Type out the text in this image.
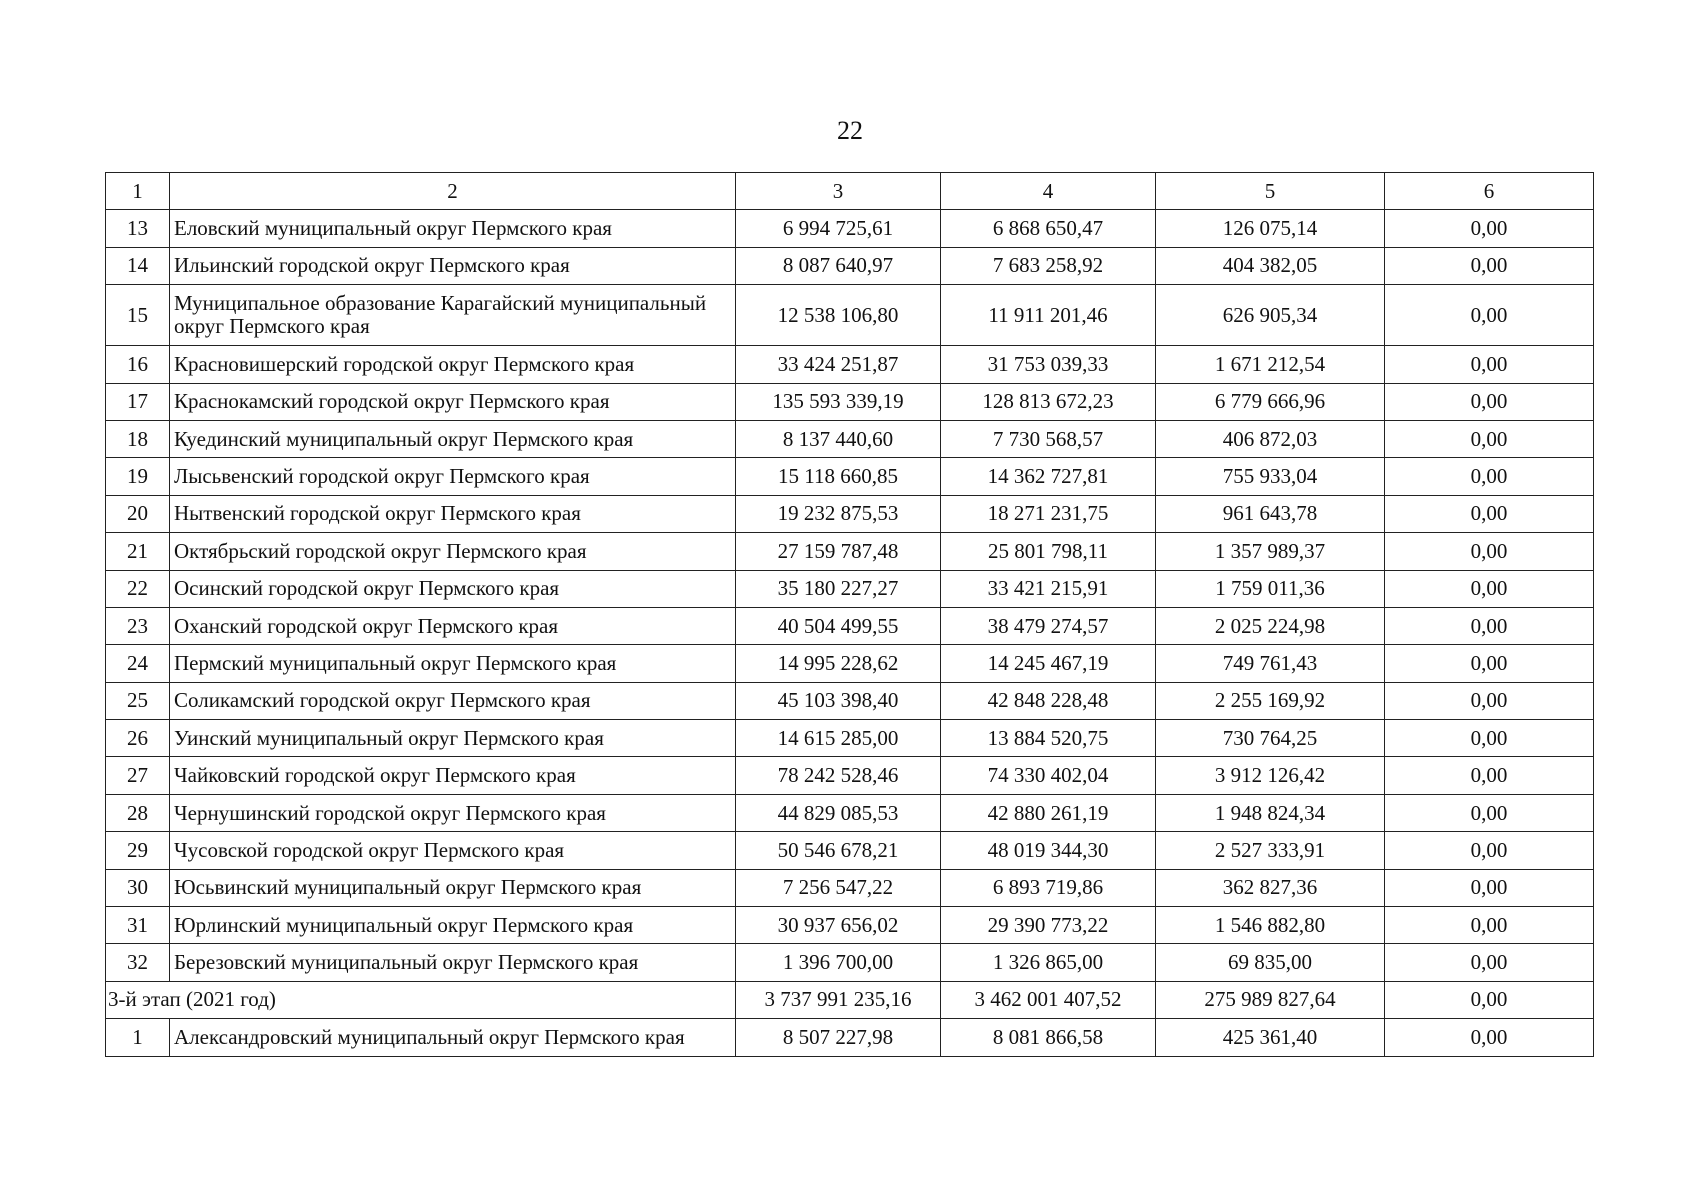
22
1	2	3	4	5	6
13	Еловский муниципальный округ Пермского края	6 994 725,61	6 868 650,47	126 075,14	0,00
14	Ильинский городской округ Пермского края	8 087 640,97	7 683 258,92	404 382,05	0,00
15	Муниципальное образование Карагайский муниципальный округ Пермского края	12 538 106,80	11 911 201,46	626 905,34	0,00
16	Красновишерский городской округ Пермского края	33 424 251,87	31 753 039,33	1 671 212,54	0,00
17	Краснокамский городской округ Пермского края	135 593 339,19	128 813 672,23	6 779 666,96	0,00
18	Куединский муниципальный округ Пермского края	8 137 440,60	7 730 568,57	406 872,03	0,00
19	Лысьвенский городской округ Пермского края	15 118 660,85	14 362 727,81	755 933,04	0,00
20	Нытвенский городской округ Пермского края	19 232 875,53	18 271 231,75	961 643,78	0,00
21	Октябрьский городской округ Пермского края	27 159 787,48	25 801 798,11	1 357 989,37	0,00
22	Осинский городской округ Пермского края	35 180 227,27	33 421 215,91	1 759 011,36	0,00
23	Оханский городской округ Пермского края	40 504 499,55	38 479 274,57	2 025 224,98	0,00
24	Пермский муниципальный округ Пермского края	14 995 228,62	14 245 467,19	749 761,43	0,00
25	Соликамский городской округ Пермского края	45 103 398,40	42 848 228,48	2 255 169,92	0,00
26	Уинский муниципальный округ Пермского края	14 615 285,00	13 884 520,75	730 764,25	0,00
27	Чайковский городской округ Пермского края	78 242 528,46	74 330 402,04	3 912 126,42	0,00
28	Чернушинский городской округ Пермского края	44 829 085,53	42 880 261,19	1 948 824,34	0,00
29	Чусовской городской округ Пермского края	50 546 678,21	48 019 344,30	2 527 333,91	0,00
30	Юсьвинский муниципальный округ Пермского края	7 256 547,22	6 893 719,86	362 827,36	0,00
31	Юрлинский муниципальный округ Пермского края	30 937 656,02	29 390 773,22	1 546 882,80	0,00
32	Березовский муниципальный округ Пермского края	1 396 700,00	1 326 865,00	69 835,00	0,00
3-й этап (2021 год)		3 737 991 235,16	3 462 001 407,52	275 989 827,64	0,00
1	Александровский муниципальный округ Пермского края	8 507 227,98	8 081 866,58	425 361,40	0,00
